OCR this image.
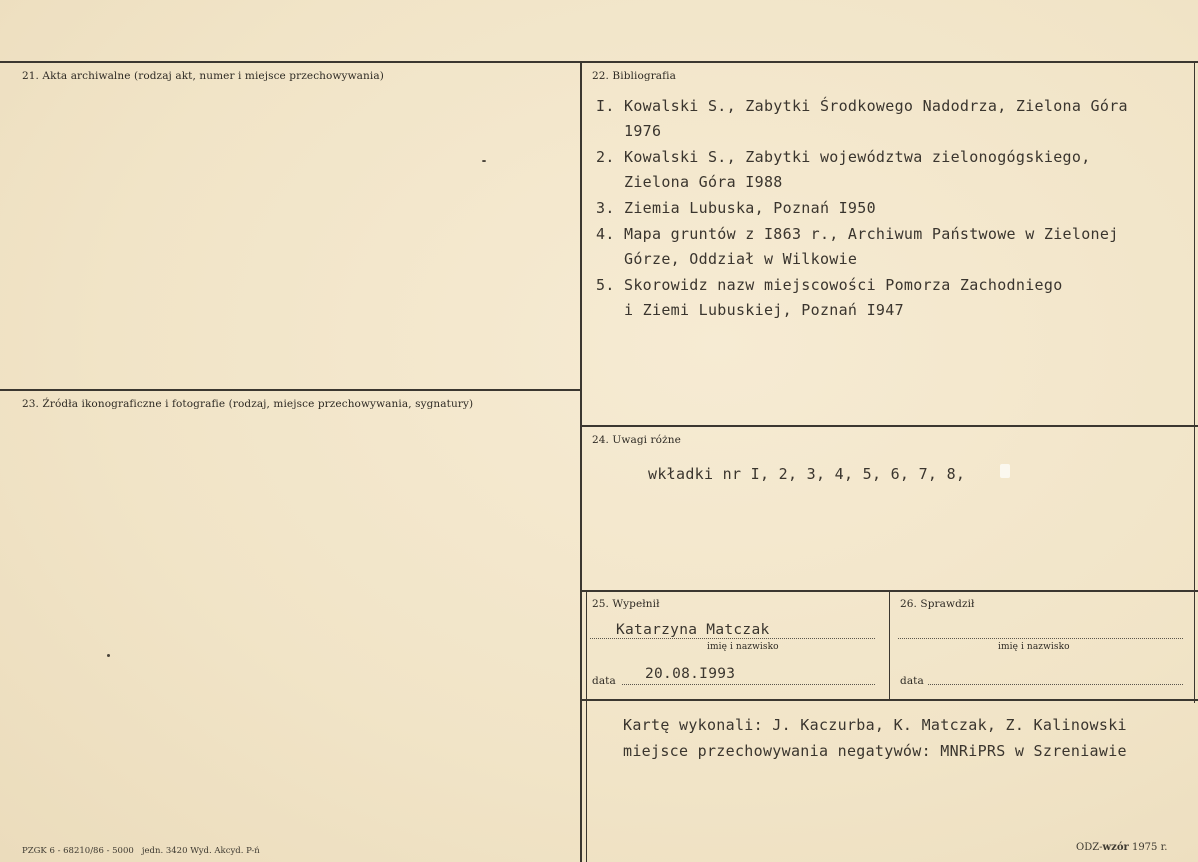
21. Akta archiwalne (rodzaj akt, numer i miejsce przechowywania)	22. Bibliografia
I. Kowalski S., Zabytki Środkowego Nadodrza, Zielona Góra
1976
2. Kowalski S., Zabytki województwa zielonogógskiego,
Zielona Góra I988
3. Ziemia Lubuska, Poznań I950
4. Mapa gruntów z I863 r., Archiwum Państwowe w Zielonej
Górze, Oddział w Wilkowie
5. Skorowidz nazw miejscowości Pomorza Zachodniego
i Ziemi Lubuskiej, Poznań I947
23. Źródła ikonograficzne i fotografie (rodzaj, miejsce przechowywania, sygnatury)
24. Uwagi różne
wkładki nr I, 2, 3, 4, 5, 6, 7, 8,
25. Wypełnił
Katarzyna Matczak
imię i nazwisko
data 20.08.I993
26. Sprawdził
imię i nazwisko
data
Kartę wykonali: J. Kaczurba, K. Matczak, Z. Kalinowski
miejsce przechowywania negatywów: MNRiPRS w Szreniawie
PZGK 6 - 68210/86 - 5000   jedn. 3420 Wyd. Akcyd. P-ń	ODZ-wzór 1975 r.
